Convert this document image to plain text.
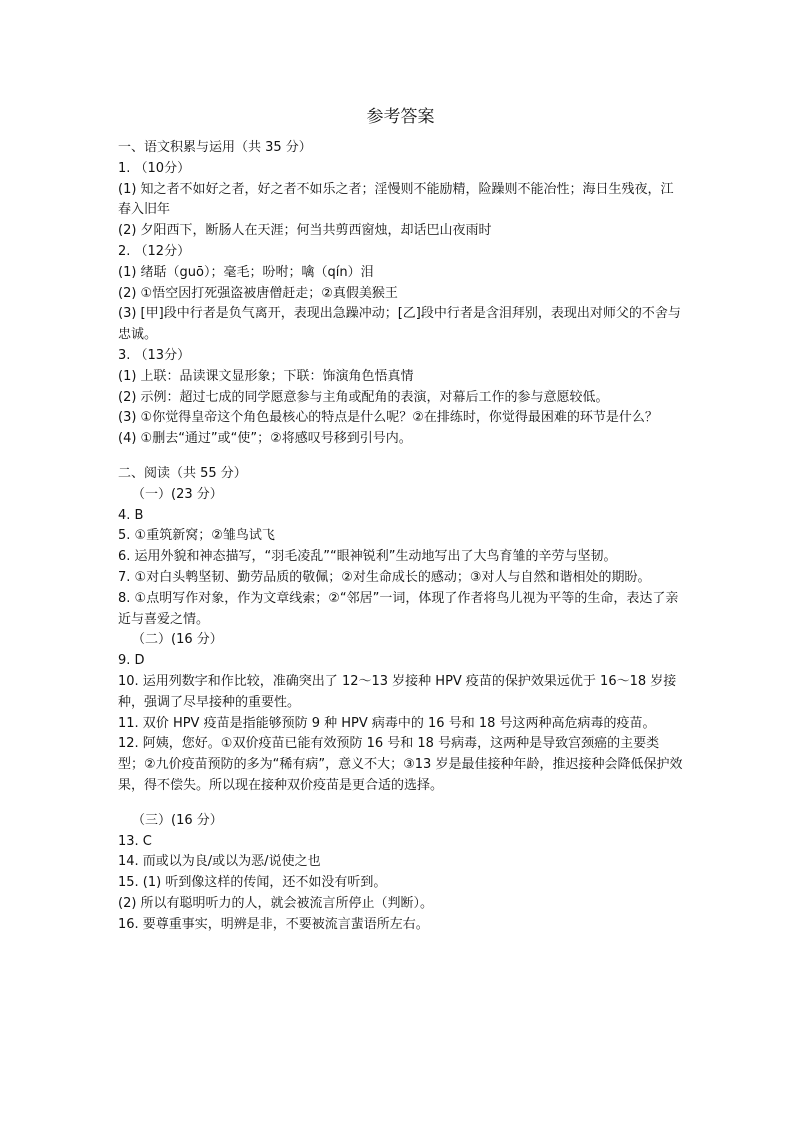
参考答案
一、语文积累与运用（共 35 分）
1. （10分）
(1) 知之者不如好之者，好之者不如乐之者；淫慢则不能励精，险躁则不能冶性；海日生残夜，江春入旧年
(2) 夕阳西下，断肠人在天涯；何当共剪西窗烛，却话巴山夜雨时
2. （12分）
(1) 绪聒（guō）；毫毛；吩咐；噙（qín）泪
(2) ①悟空因打死强盗被唐僧赶走；②真假美猴王
(3) [甲]段中行者是负气离开，表现出急躁冲动；[乙]段中行者是含泪拜别，表现出对师父的不舍与忠诚。
3. （13分）
(1) 上联：品读课文显形象；下联：饰演角色悟真情
(2) 示例：超过七成的同学愿意参与主角或配角的表演，对幕后工作的参与意愿较低。
(3) ①你觉得皇帝这个角色最核心的特点是什么呢？②在排练时，你觉得最困难的环节是什么？
(4) ①删去“通过”或“使”；②将感叹号移到引号内。
二、阅读（共 55 分）
（一）(23 分）
4. B
5. ①重筑新窝；②雏鸟试飞
6. 运用外貌和神态描写，“羽毛凌乱”“眼神锐利”生动地写出了大鸟育雏的辛劳与坚韧。
7. ①对白头鹎坚韧、勤劳品质的敬佩；②对生命成长的感动；③对人与自然和谐相处的期盼。
8. ①点明写作对象，作为文章线索；②“邻居”一词，体现了作者将鸟儿视为平等的生命，表达了亲近与喜爱之情。
（二）(16 分）
9. D
10. 运用列数字和作比较，准确突出了 12～13 岁接种 HPV 疫苗的保护效果远优于 16～18 岁接种，强调了尽早接种的重要性。
11. 双价 HPV 疫苗是指能够预防 9 种 HPV 病毒中的 16 号和 18 号这两种高危病毒的疫苗。
12. 阿姨，您好。①双价疫苗已能有效预防 16 号和 18 号病毒，这两种是导致宫颈癌的主要类型；②九价疫苗预防的多为“稀有病”，意义不大；③13 岁是最佳接种年龄，推迟接种会降低保护效果，得不偿失。所以现在接种双价疫苗是更合适的选择。
（三）(16 分）
13. C
14. 而或以为良/或以为恶/说使之也
15. (1) 听到像这样的传闻，还不如没有听到。
(2) 所以有聪明听力的人，就会被流言所停止（判断）。
16. 要尊重事实，明辨是非，不要被流言蜚语所左右。
